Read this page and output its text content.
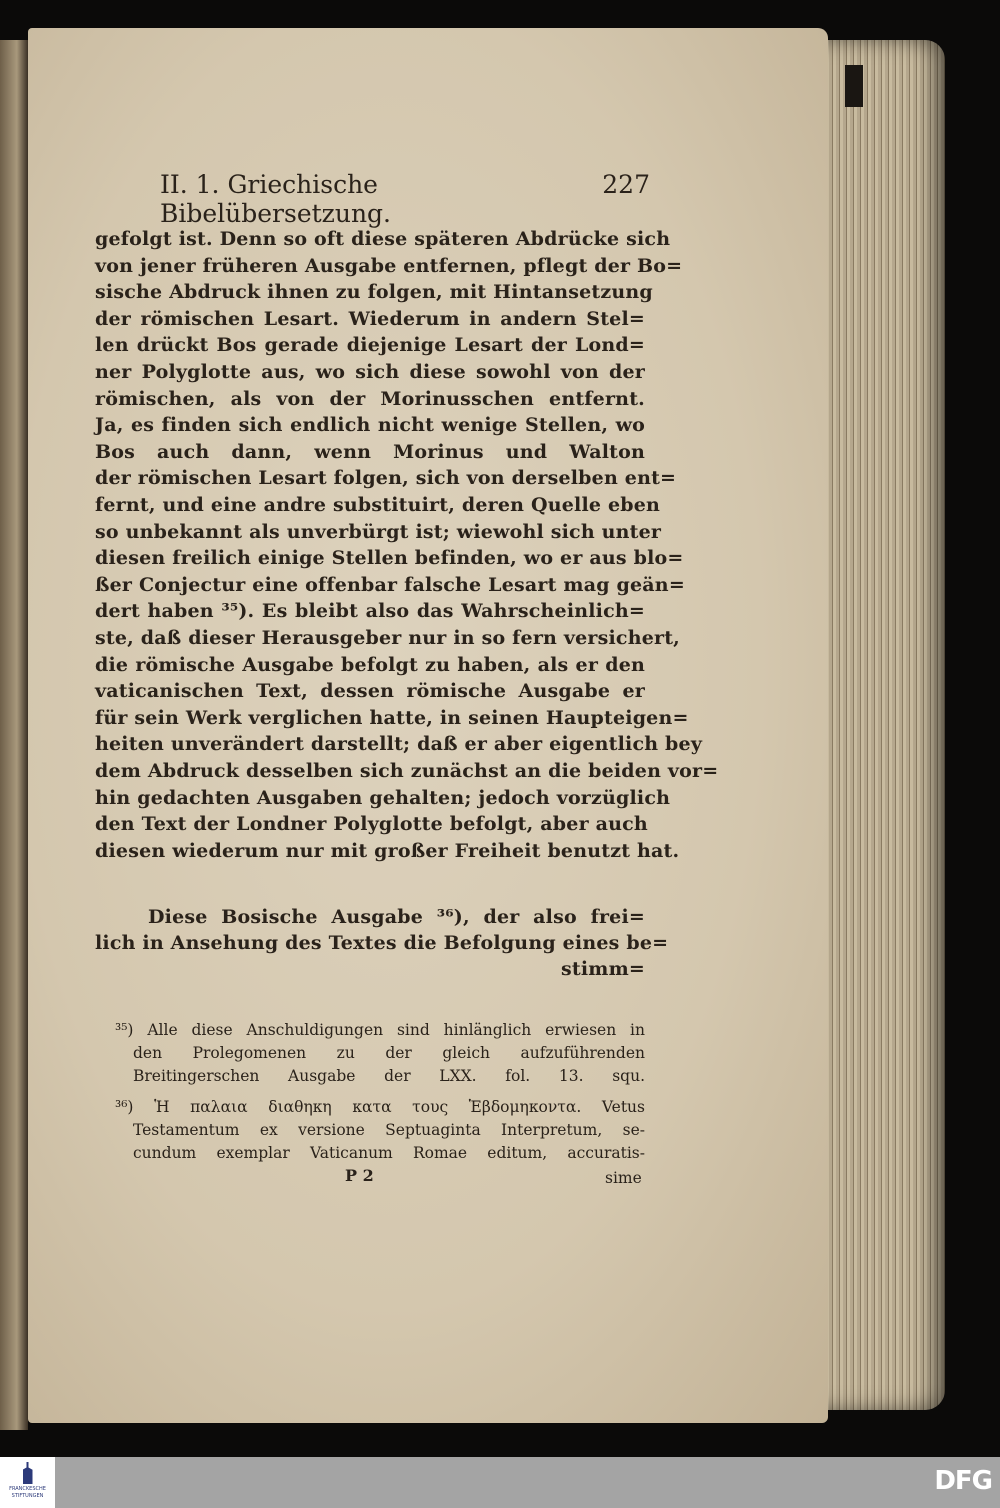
II. 1. Griechische Bibelübersetzung.
227
gefolgt ist. Denn so oft diese späteren Abdrücke sich
von jener früheren Ausgabe entfernen, pflegt der Bo=
sische Abdruck ihnen zu folgen, mit Hintansetzung
der römischen Lesart. Wiederum in andern Stel=
len drückt Bos gerade diejenige Lesart der Lond=
ner Polyglotte aus, wo sich diese sowohl von der
römischen, als von der Morinusschen entfernt.
Ja, es finden sich endlich nicht wenige Stellen, wo
Bos auch dann, wenn Morinus und Walton
der römischen Lesart folgen, sich von derselben ent=
fernt, und eine andre substituirt, deren Quelle eben
so unbekannt als unverbürgt ist; wiewohl sich unter
diesen freilich einige Stellen befinden, wo er aus blo=
ßer Conjectur eine offenbar falsche Lesart mag geän=
dert haben ³⁵). Es bleibt also das Wahrscheinlich=
ste, daß dieser Herausgeber nur in so fern versichert,
die römische Ausgabe befolgt zu haben, als er den
vaticanischen Text, dessen römische Ausgabe er
für sein Werk verglichen hatte, in seinen Haupteigen=
heiten unverändert darstellt; daß er aber eigentlich bey
dem Abdruck desselben sich zunächst an die beiden vor=
hin gedachten Ausgaben gehalten; jedoch vorzüglich
den Text der Londner Polyglotte befolgt, aber auch
diesen wiederum nur mit großer Freiheit benutzt hat.
Diese Bosische Ausgabe ³⁶), der also frei=
lich in Ansehung des Textes die Befolgung eines be=
stimm=
³⁵) Alle diese Anschuldigungen sind hinlänglich erwiesen in
den Prolegomenen zu der gleich aufzuführenden
Breitingerschen Ausgabe der LXX. fol. 13. squ.
³⁶) Ἡ παλαια διαθηκη κατα τους Ἑβδομηκοντα. Vetus
Testamentum ex versione Septuaginta Interpretum, se-
cundum exemplar Vaticanum Romae editum, accuratis-
P 2	sime
FRANCKESCHE
STIFTUNGEN	DFG
